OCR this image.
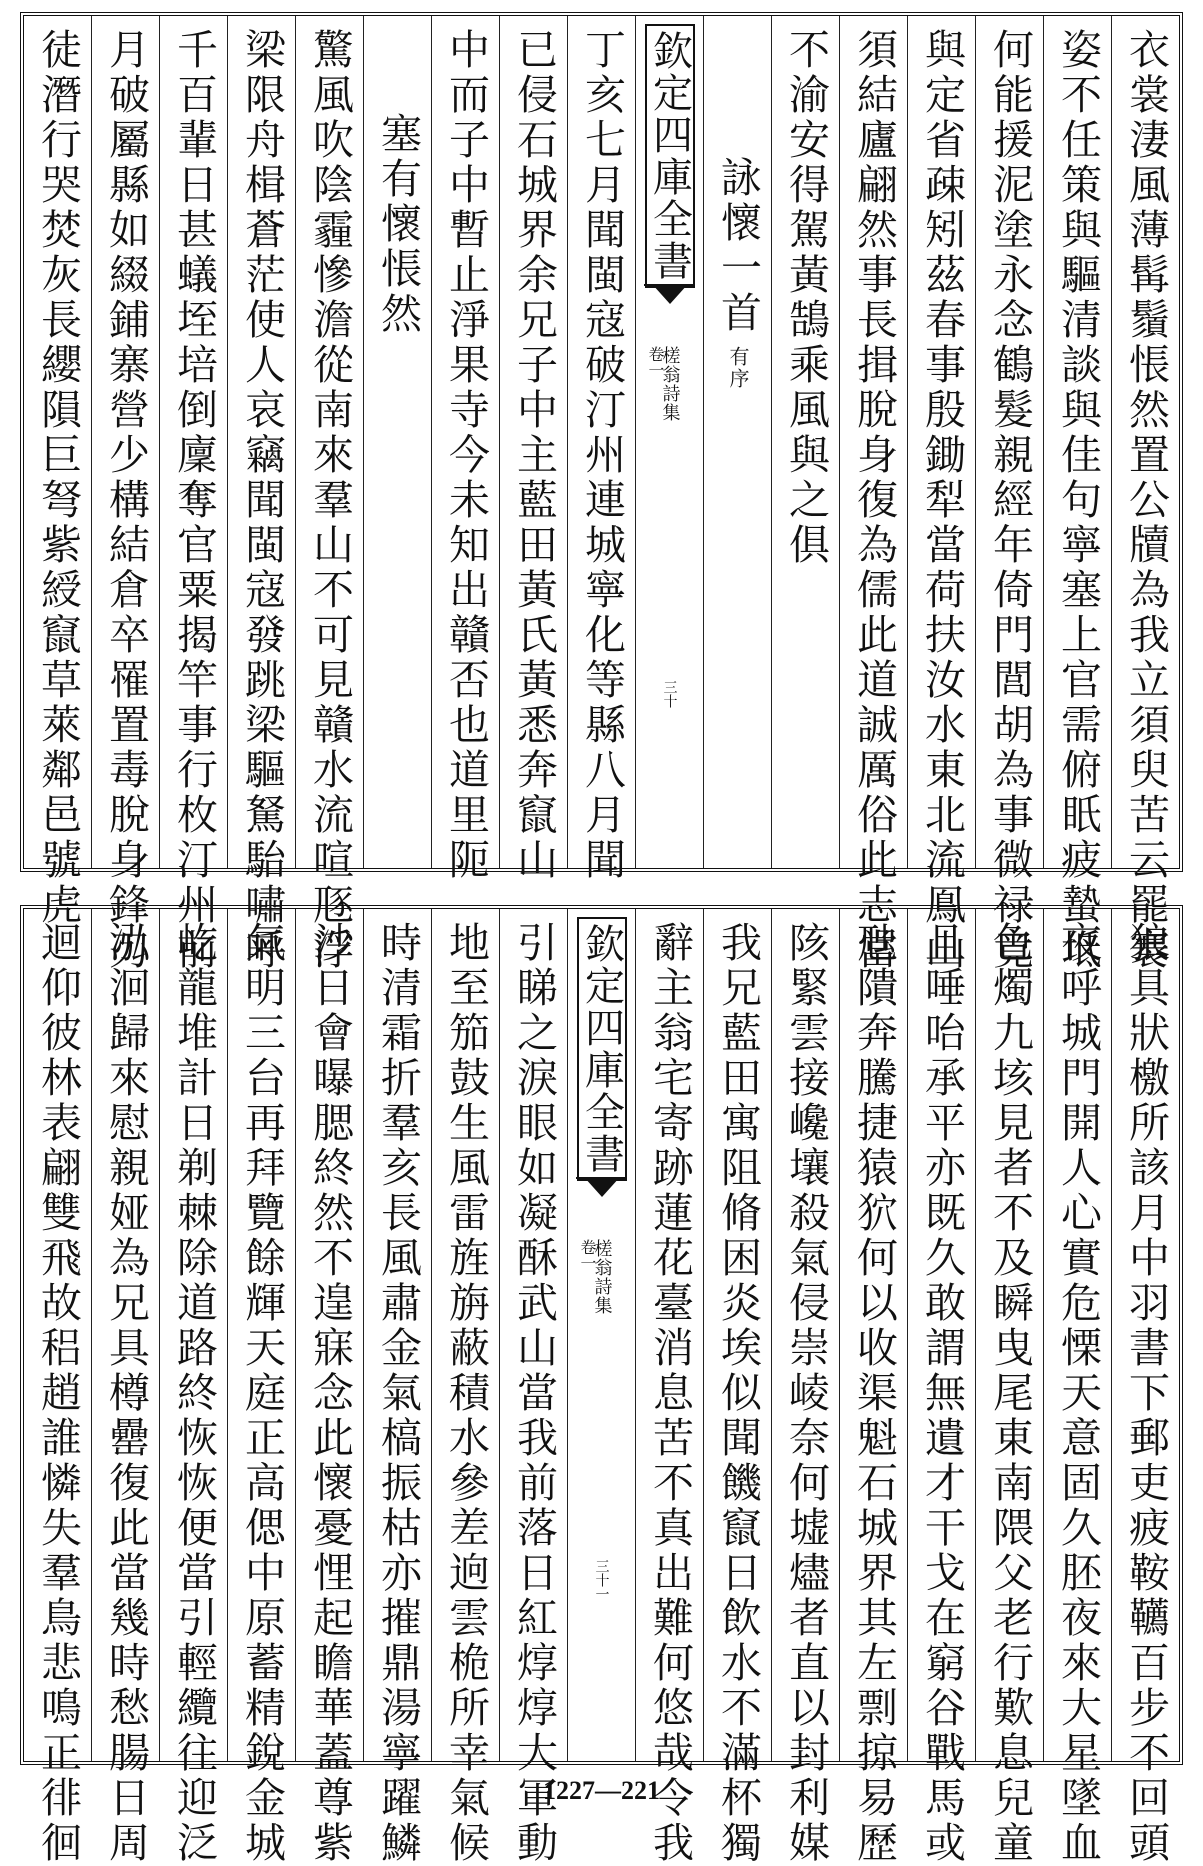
衣裳淒風薄髯鬚悵然置公牘為我立須臾苦云罷褰
姿不任策與驅清談與佳句寧塞上官需俯眂疲蟄坻
何能援泥塗永念鶴髮親經年倚門閭胡為事微禄竟
與定省疎矧茲春事殷鋤犁當荷扶汝水東北流鳯山
須結廬翩然事長揖脫身復為儒此道誠厲俗此志當
不渝安得駕黃鵠乘風與之俱
詠懷一首
有序
欽定四庫全書
槎翁詩集
卷一
三十
丁亥七月聞閩寇破汀州連城寧化等縣八月聞
已侵石城界余兄子中主藍田黃氏黃悉奔竄山
中而子中暫止淨果寺今未知出贛否也道里阨
塞有懷悵然
驚風吹陰霾慘澹從南來羣山不可見贛水流喧豗浮
梁限舟楫蒼茫使人哀竊聞閩寇發跳梁驅駑駘嘯呼
千百輩日甚蟻垤培倒廩奪官粟揭竿事行枚汀州前
月破屬縣如綴鋪寨營少構結倉卒罹置毒脫身鋒刃
徒潛行哭焚灰長纓隕巨弩紫綬竄草萊鄰邑號虎
狼具狀檄所該月中羽書下郵吏疲鞍韉百步不回頭
夜呼城門開人心實危慄天意固久胚夜來大星墜血
色燭九垓見者不及瞬曳尾東南隈父老行歎息兒童
且唾咍承平亦既久敢謂無遺才干戈在窮谷戰馬或
虺隤奔騰捷猿狖何以收渠魁石城界其左剽掠易歷
陔緊雲接巉壤殺氣侵崇崚奈何墟燼者直以封利媒
我兄藍田寓阻脩困炎埃似聞饑竄日飲水不滿杯獨
辭主翁宅寄跡蓮花臺消息苦不真出難何悠哉令我
欽定四庫全書
槎翁詩集
卷一
三十一
引睇之淚眼如凝酥武山當我前落日紅焞焞大軍動
地至笳鼓生風雷旌旃蔽積水參差逈雲桅所幸氣候
時清霜折羣亥長風肅金氣槁振枯亦摧鼎湯寧躍鱗
沙日會曝腮終然不遑寐念此懷憂悝起瞻華蓋尊紫
氣明三台再拜覽餘輝天庭正高偲中原蓄精銳金城
屹龍堆計日剃棘除道路終恢恢便當引輕纜往迎泛
泓洄歸來慰親娅為兄具樽罍復此當幾時愁腸日周
迴仰彼林表翩雙飛故稆趙誰憐失羣鳥悲鳴正徘徊	1227—221
